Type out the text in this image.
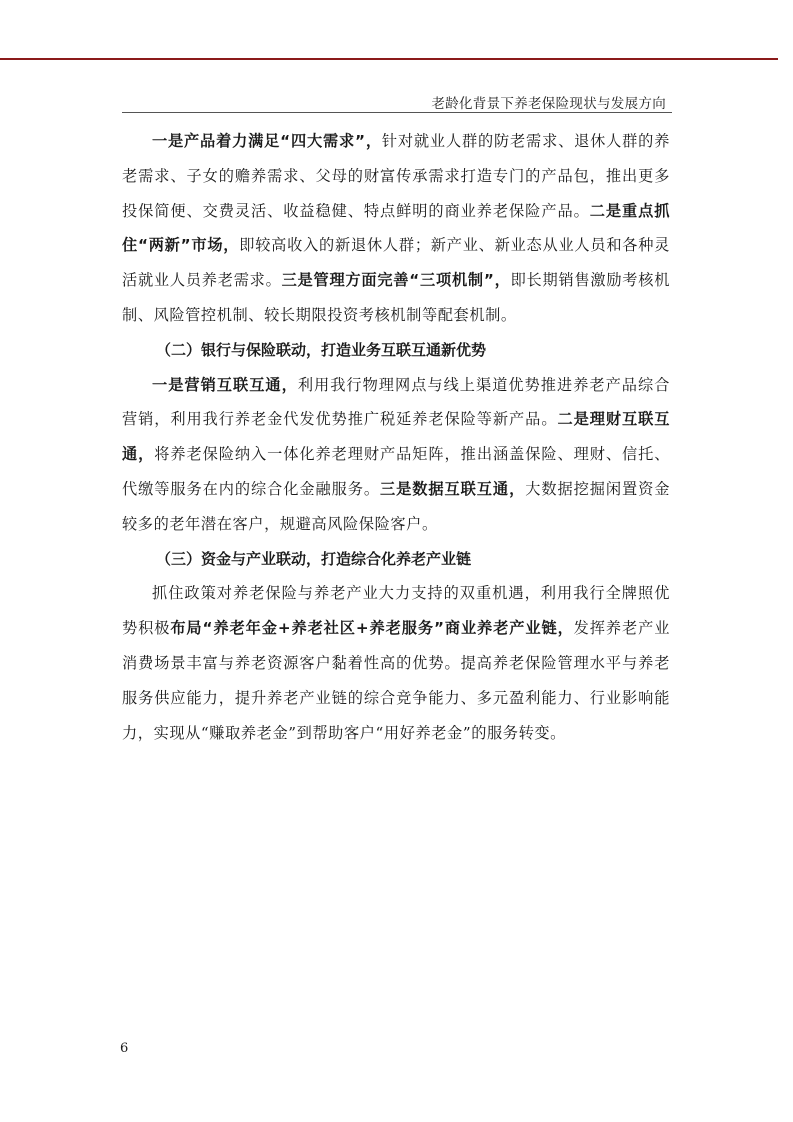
老龄化背景下养老保险现状与发展方向

一是产品着力满足“四大需求”，针对就业人群的防老需求、退休人群的养老需求、子女的赡养需求、父母的财富传承需求打造专门的产品包，推出更多投保简便、交费灵活、收益稳健、特点鲜明的商业养老保险产品。二是重点抓住“两新”市场，即较高收入的新退休人群；新产业、新业态从业人员和各种灵活就业人员养老需求。三是管理方面完善“三项机制”，即长期销售激励考核机制、风险管控机制、较长期限投资考核机制等配套机制。

（二）银行与保险联动，打造业务互联互通新优势

一是营销互联互通，利用我行物理网点与线上渠道优势推进养老产品综合营销，利用我行养老金代发优势推广税延养老保险等新产品。二是理财互联互通，将养老保险纳入一体化养老理财产品矩阵，推出涵盖保险、理财、信托、代缴等服务在内的综合化金融服务。三是数据互联互通，大数据挖掘闲置资金较多的老年潜在客户，规避高风险保险客户。

（三）资金与产业联动，打造综合化养老产业链

抓住政策对养老保险与养老产业大力支持的双重机遇，利用我行全牌照优势积极布局“养老年金+养老社区+养老服务”商业养老产业链，发挥养老产业消费场景丰富与养老资源客户黏着性高的优势。提高养老保险管理水平与养老服务供应能力，提升养老产业链的综合竞争能力、多元盈利能力、行业影响能力，实现从“赚取养老金”到帮助客户“用好养老金”的服务转变。

6
